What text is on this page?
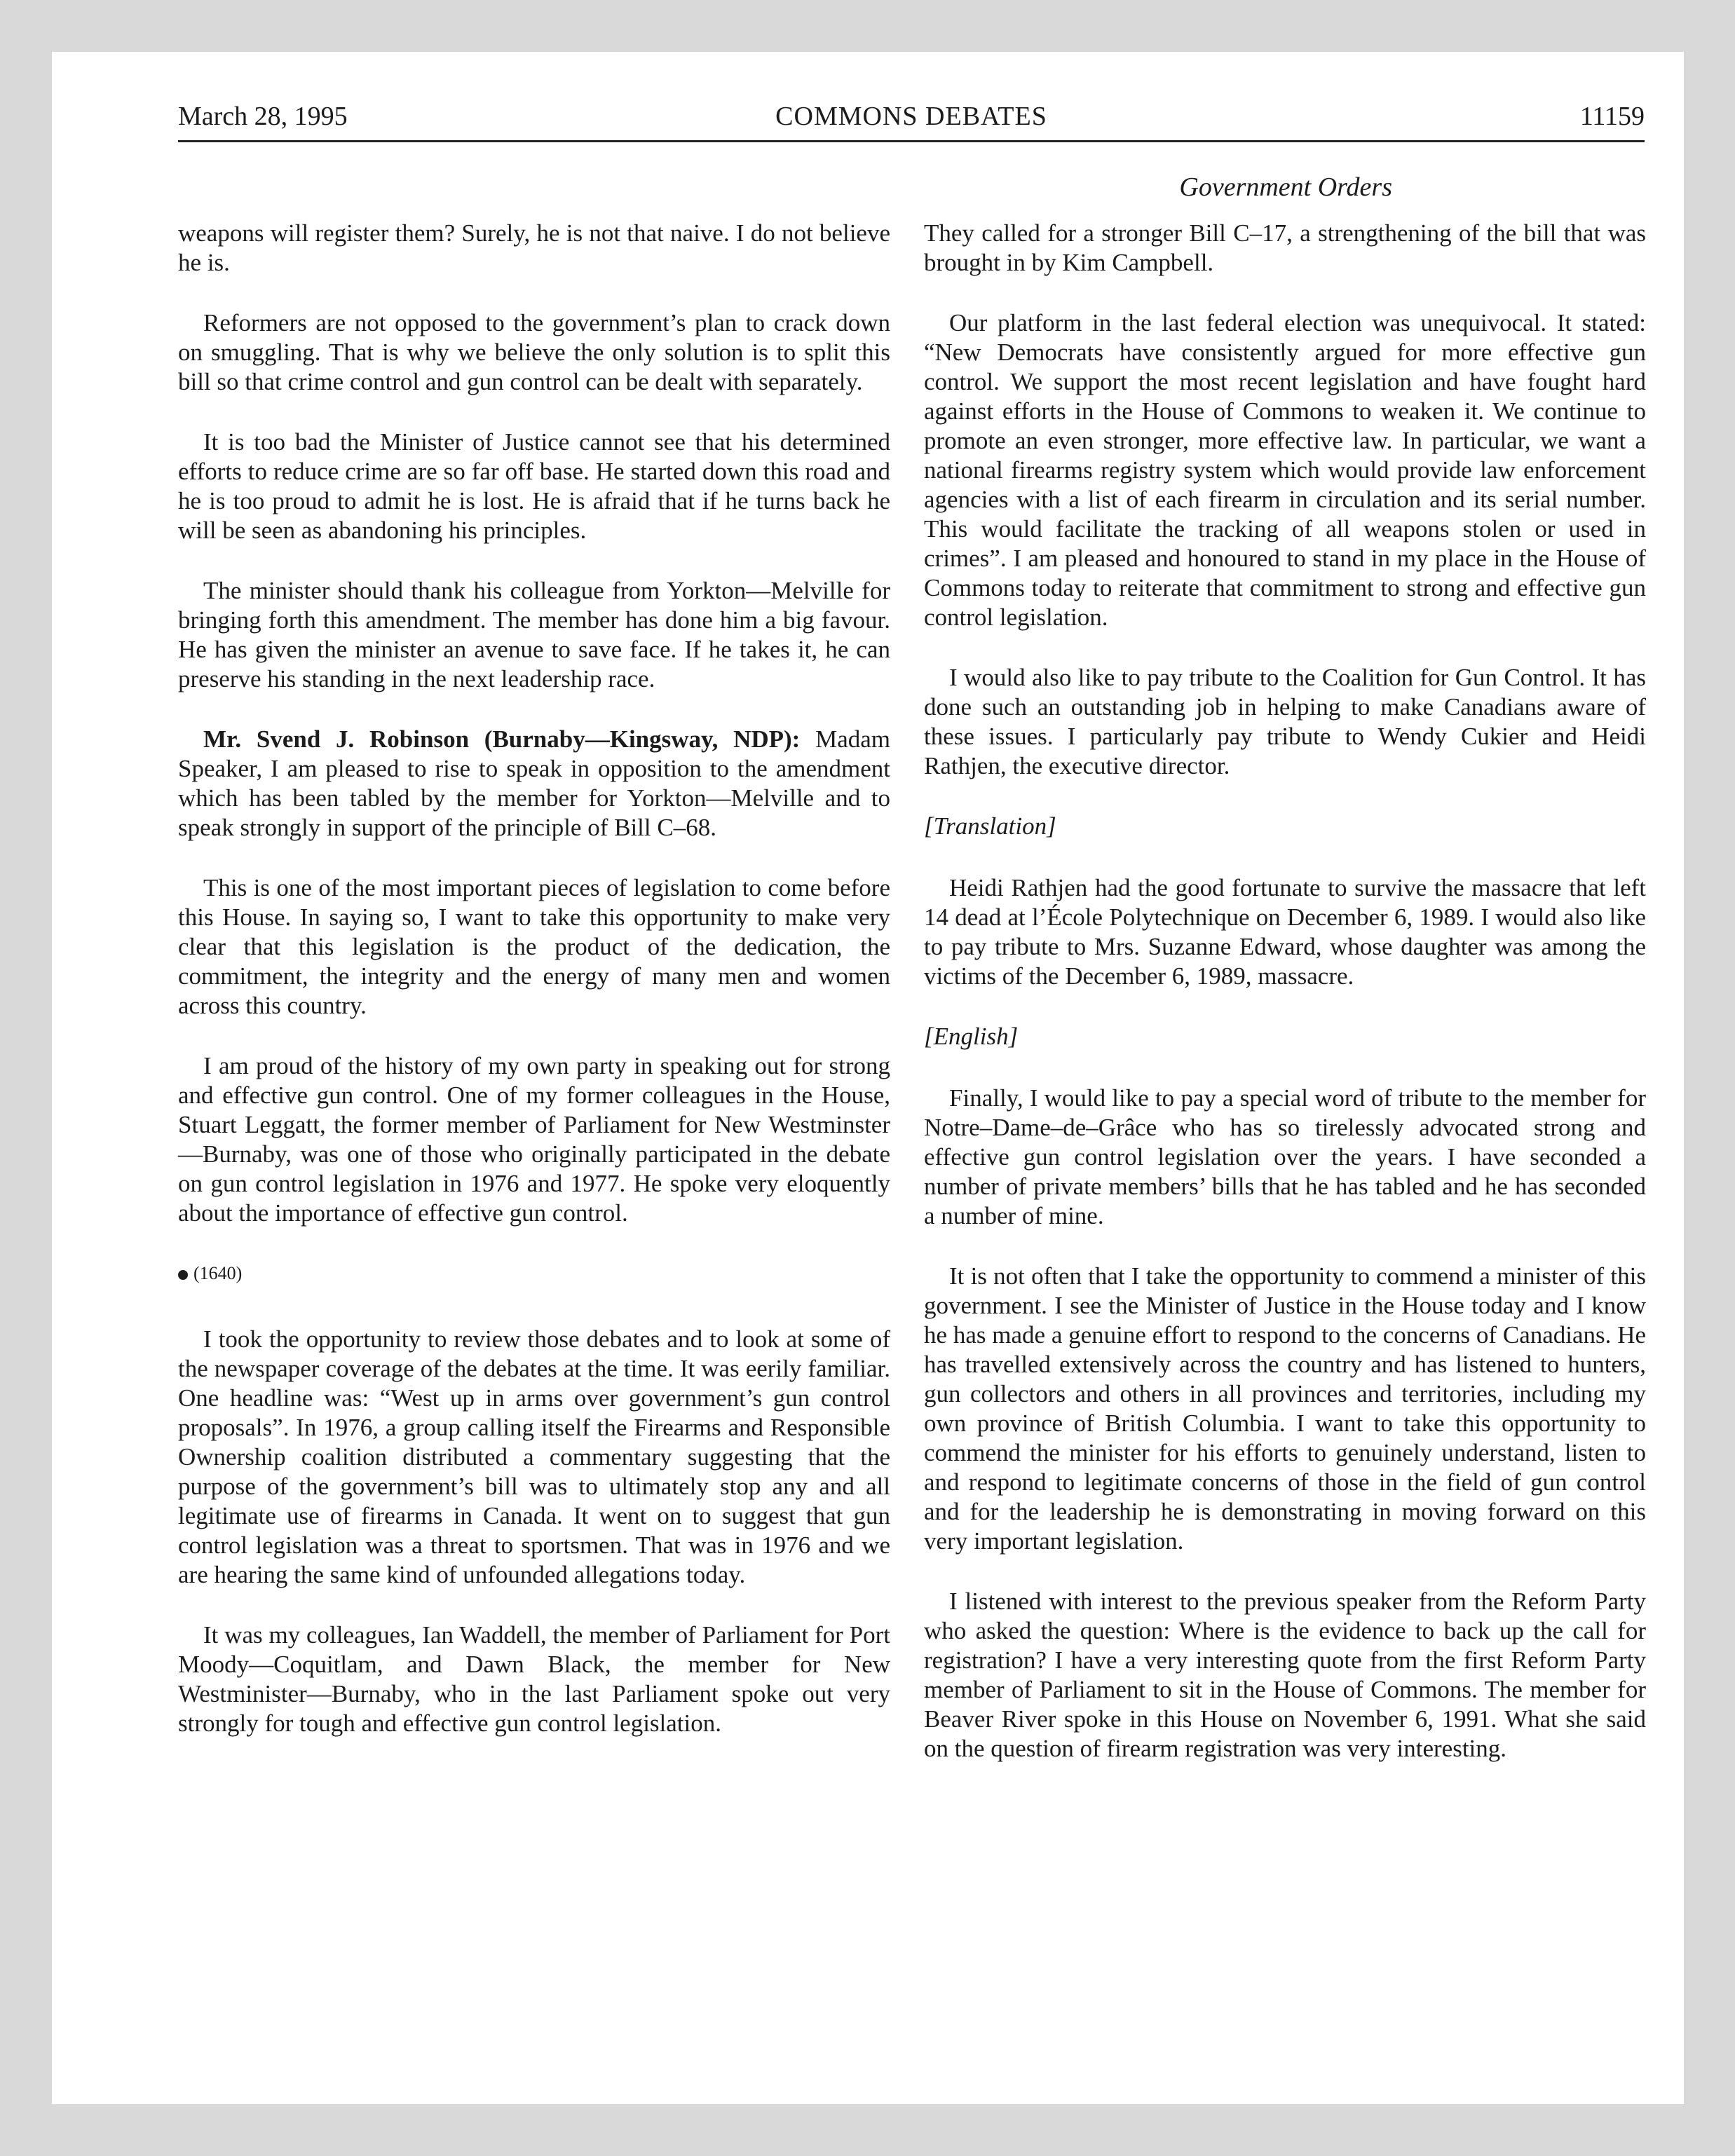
March 28, 1995	COMMONS DEBATES	11159
Government Orders

weapons will register them? Surely, he is not that naive. I do not believe he is.

Reformers are not opposed to the government’s plan to crack down on smuggling. That is why we believe the only solution is to split this bill so that crime control and gun control can be dealt with separately.

It is too bad the Minister of Justice cannot see that his determined efforts to reduce crime are so far off base. He started down this road and he is too proud to admit he is lost. He is afraid that if he turns back he will be seen as abandoning his principles.

The minister should thank his colleague from Yorkton—Melville for bringing forth this amendment. The member has done him a big favour. He has given the minister an avenue to save face. If he takes it, he can preserve his standing in the next leadership race.

Mr. Svend J. Robinson (Burnaby—Kingsway, NDP): Madam Speaker, I am pleased to rise to speak in opposition to the amendment which has been tabled by the member for Yorkton—Melville and to speak strongly in support of the principle of Bill C–68.

This is one of the most important pieces of legislation to come before this House. In saying so, I want to take this opportunity to make very clear that this legislation is the product of the dedication, the commitment, the integrity and the energy of many men and women across this country.

I am proud of the history of my own party in speaking out for strong and effective gun control. One of my former colleagues in the House, Stuart Leggatt, the former member of Parliament for New Westminster—Burnaby, was one of those who originally participated in the debate on gun control legislation in 1976 and 1977. He spoke very eloquently about the importance of effective gun control.

(1640)

I took the opportunity to review those debates and to look at some of the newspaper coverage of the debates at the time. It was eerily familiar. One headline was: “West up in arms over government’s gun control proposals”. In 1976, a group calling itself the Firearms and Responsible Ownership coalition distributed a commentary suggesting that the purpose of the government’s bill was to ultimately stop any and all legitimate use of firearms in Canada. It went on to suggest that gun control legislation was a threat to sportsmen. That was in 1976 and we are hearing the same kind of unfounded allegations today.

It was my colleagues, Ian Waddell, the member of Parliament for Port Moody—Coquitlam, and Dawn Black, the member for New Westminister—Burnaby, who in the last Parliament spoke out very strongly for tough and effective gun control legislation.

They called for a stronger Bill C–17, a strengthening of the bill that was brought in by Kim Campbell.

Our platform in the last federal election was unequivocal. It stated: “New Democrats have consistently argued for more effective gun control. We support the most recent legislation and have fought hard against efforts in the House of Commons to weaken it. We continue to promote an even stronger, more effective law. In particular, we want a national firearms registry system which would provide law enforcement agencies with a list of each firearm in circulation and its serial number. This would facilitate the tracking of all weapons stolen or used in crimes”. I am pleased and honoured to stand in my place in the House of Commons today to reiterate that commitment to strong and effective gun control legislation.

I would also like to pay tribute to the Coalition for Gun Control. It has done such an outstanding job in helping to make Canadians aware of these issues. I particularly pay tribute to Wendy Cukier and Heidi Rathjen, the executive director.

[Translation]

Heidi Rathjen had the good fortunate to survive the massacre that left 14 dead at l’École Polytechnique on December 6, 1989. I would also like to pay tribute to Mrs. Suzanne Edward, whose daughter was among the victims of the December 6, 1989, massacre.

[English]

Finally, I would like to pay a special word of tribute to the member for Notre–Dame–de–Grâce who has so tirelessly advocated strong and effective gun control legislation over the years. I have seconded a number of private members’ bills that he has tabled and he has seconded a number of mine.

It is not often that I take the opportunity to commend a minister of this government. I see the Minister of Justice in the House today and I know he has made a genuine effort to respond to the concerns of Canadians. He has travelled extensively across the country and has listened to hunters, gun collectors and others in all provinces and territories, including my own province of British Columbia. I want to take this opportunity to commend the minister for his efforts to genuinely understand, listen to and respond to legitimate concerns of those in the field of gun control and for the leadership he is demonstrating in moving forward on this very important legislation.

I listened with interest to the previous speaker from the Reform Party who asked the question: Where is the evidence to back up the call for registration? I have a very interesting quote from the first Reform Party member of Parliament to sit in the House of Commons. The member for Beaver River spoke in this House on November 6, 1991. What she said on the question of firearm registration was very interesting.
